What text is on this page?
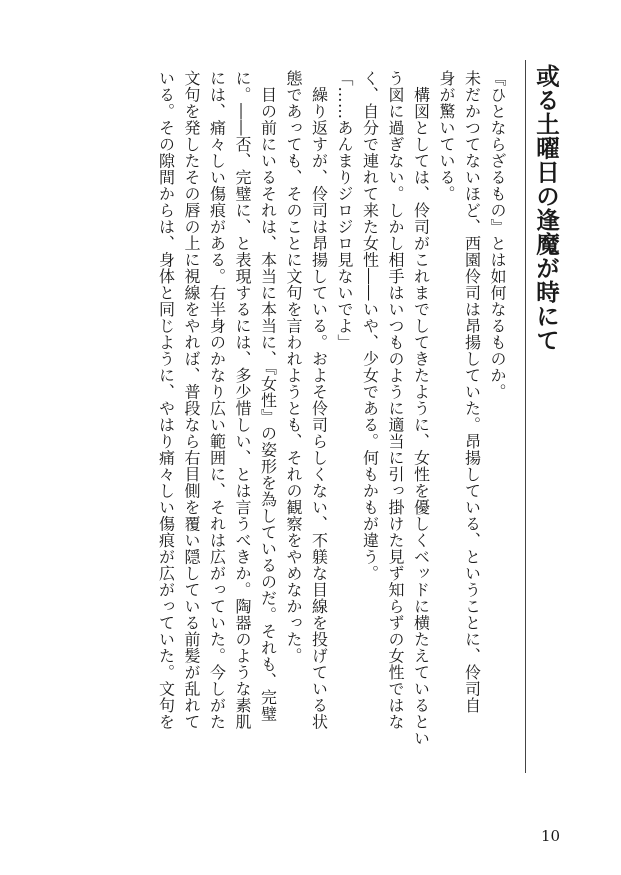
或る土曜日の逢魔が時にて
『ひとならざるもの』とは如何なるものか。
未だかつてないほど、西園伶司は昂揚していた。昂揚している、ということに、伶司自
身が驚いている。
　構図としては、伶司がこれまでしてきたように、女性を優しくベッドに横たえているとい
う図に過ぎない。しかし相手はいつものように適当に引っ掛けた見ず知らずの女性ではな
く、自分で連れて来た女性――いや、少女である。何もかもが違う。
「……あんまりジロジロ見ないでよ」
　繰り返すが、伶司は昂揚している。およそ伶司らしくない、不躾な目線を投げている状
態であっても、そのことに文句を言われようとも、それの観察をやめなかった。
　目の前にいるそれは、本当に本当に、『女性』の姿形を為しているのだ。それも、完璧
に。――否、完璧に、と表現するには、多少惜しい、とは言うべきか。陶器のような素肌
には、痛々しい傷痕がある。右半身のかなり広い範囲に、それは広がっていた。今しがた
文句を発したその唇の上に視線をやれば、普段なら右目側を覆い隠している前髪が乱れて
いる。その隙間からは、身体と同じように、やはり痛々しい傷痕が広がっていた。文句を
10
